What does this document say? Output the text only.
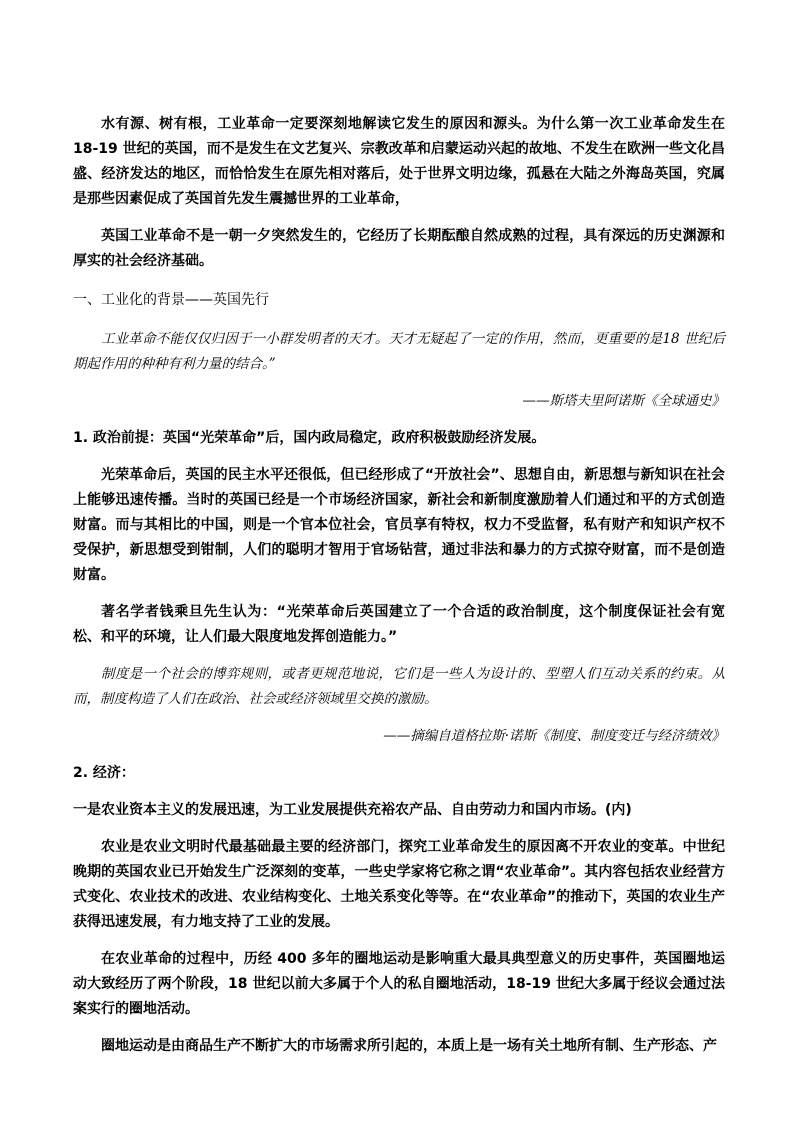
水有源、树有根，工业革命一定要深刻地解读它发生的原因和源头。为什么第一次工业革命发生在18-19 世纪的英国，而不是发生在文艺复兴、宗教改革和启蒙运动兴起的故地、不发生在欧洲一些文化昌盛、经济发达的地区，而恰恰发生在原先相对落后，处于世界文明边缘，孤悬在大陆之外海岛英国，究属是那些因素促成了英国首先发生震撼世界的工业革命，

英国工业革命不是一朝一夕突然发生的，它经历了长期酝酿自然成熟的过程，具有深远的历史渊源和厚实的社会经济基础。

一、工业化的背景——英国先行

工业革命不能仅仅归因于一小群发明者的天才。天才无疑起了一定的作用，然而，更重要的是18 世纪后期起作用的种种有利力量的结合。”

——斯塔夫里阿诺斯《全球通史》

1. 政治前提：英国“光荣革命”后，国内政局稳定，政府积极鼓励经济发展。

光荣革命后，英国的民主水平还很低，但已经形成了“开放社会”、思想自由，新思想与新知识在社会上能够迅速传播。当时的英国已经是一个市场经济国家，新社会和新制度激励着人们通过和平的方式创造财富。而与其相比的中国，则是一个官本位社会，官员享有特权，权力不受监督，私有财产和知识产权不受保护，新思想受到钳制，人们的聪明才智用于官场钻营，通过非法和暴力的方式掠夺财富，而不是创造财富。

著名学者钱乘旦先生认为：“光荣革命后英国建立了一个合适的政治制度，这个制度保证社会有宽松、和平的环境，让人们最大限度地发挥创造能力。”

制度是一个社会的博弈规则，或者更规范地说，它们是一些人为设计的、型塑人们互动关系的约束。从而，制度构造了人们在政治、社会或经济领域里交换的激励。

——摘编自道格拉斯·诺斯《制度、制度变迁与经济绩效》

2. 经济：

一是农业资本主义的发展迅速，为工业发展提供充裕农产品、自由劳动力和国内市场。(内)

农业是农业文明时代最基础最主要的经济部门，探究工业革命发生的原因离不开农业的变革。中世纪晚期的英国农业已开始发生广泛深刻的变革，一些史学家将它称之谓“农业革命”。其内容包括农业经营方式变化、农业技术的改进、农业结构变化、土地关系变化等等。在“农业革命”的推动下，英国的农业生产获得迅速发展，有力地支持了工业的发展。

在农业革命的过程中，历经 400 多年的圈地运动是影响重大最具典型意义的历史事件，英国圈地运动大致经历了两个阶段，18 世纪以前大多属于个人的私自圈地活动，18-19 世纪大多属于经议会通过法案实行的圈地活动。

圈地运动是由商品生产不断扩大的市场需求所引起的，本质上是一场有关土地所有制、生产形态、产
